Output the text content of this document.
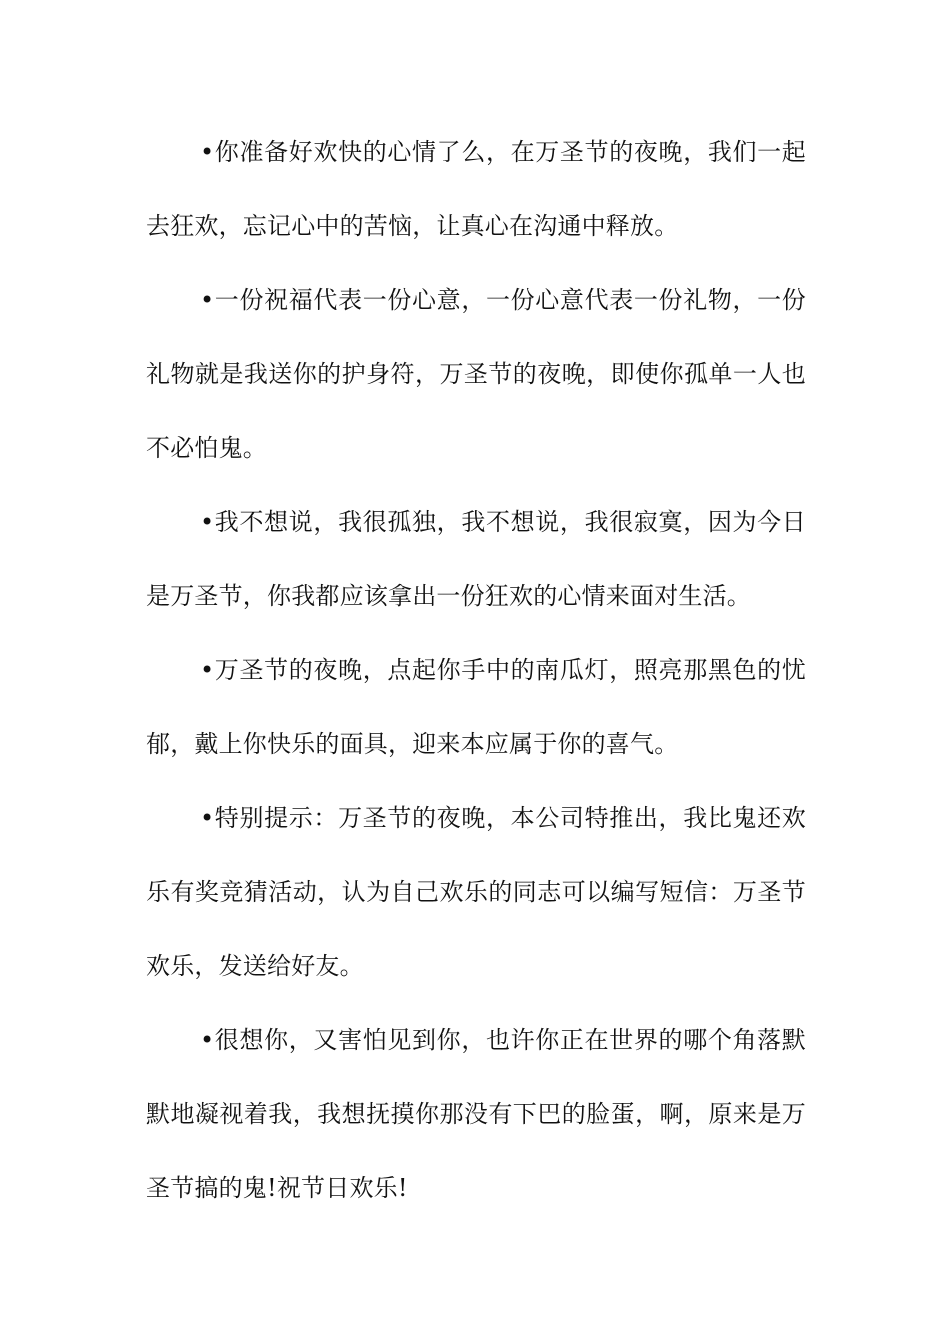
•你准备好欢快的心情了么，在万圣节的夜晚，我们一起去狂欢，忘记心中的苦恼，让真心在沟通中释放。

•一份祝福代表一份心意，一份心意代表一份礼物，一份礼物就是我送你的护身符，万圣节的夜晚，即使你孤单一人也不必怕鬼。

•我不想说，我很孤独，我不想说，我很寂寞，因为今日是万圣节，你我都应该拿出一份狂欢的心情来面对生活。

•万圣节的夜晚，点起你手中的南瓜灯，照亮那黑色的忧郁，戴上你快乐的面具，迎来本应属于你的喜气。

•特别提示：万圣节的夜晚，本公司特推出，我比鬼还欢乐有奖竞猜活动，认为自己欢乐的同志可以编写短信：万圣节欢乐，发送给好友。

•很想你，又害怕见到你，也许你正在世界的哪个角落默默地凝视着我，我想抚摸你那没有下巴的脸蛋，啊，原来是万圣节搞的鬼!祝节日欢乐!
